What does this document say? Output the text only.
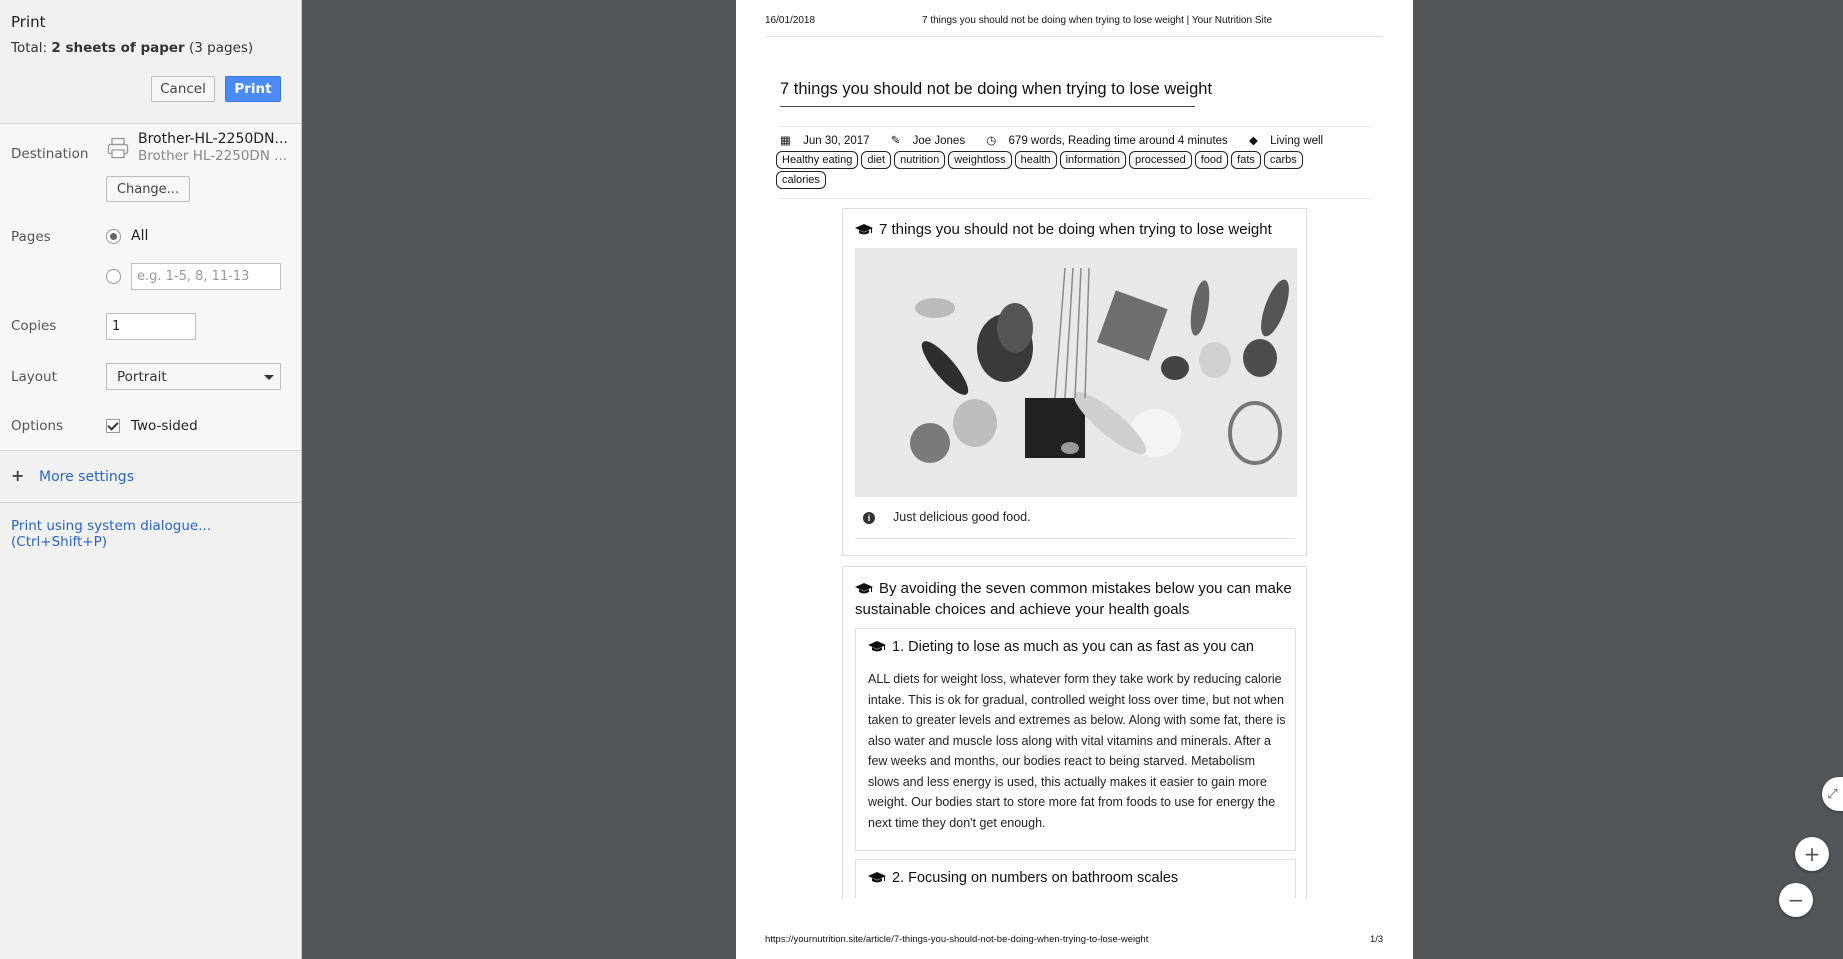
Print
Total: 2 sheets of paper (3 pages)
Cancel	Print
Destination
Brother-HL-2250DN...
Brother HL-2250DN ...
Change...
Pages	All
e.g. 1-5, 8, 11-13
Copies
1
Layout	Portrait
Options	Two-sided
+ More settings
Print using system dialogue...
(Ctrl+Shift+P)
16/01/2018	7 things you should not be doing when trying to lose weight | Your Nutrition Site
7 things you should not be doing when trying to lose weight
▦ Jun 30, 2017 ✎ Joe Jones ◷ 679 words, Reading time around 4 minutes ◆ Living well
Healthy eating	diet	nutrition	weightloss	health	information	processed	food	fats	carbs
calories
7 things you should not be doing when trying to lose weight
i Just delicious good food.
By avoiding the seven common mistakes below you can make sustainable choices and achieve your health goals
1. Dieting to lose as much as you can as fast as you can
ALL diets for weight loss, whatever form they take work by reducing calorie intake. This is ok for gradual, controlled weight loss over time, but not when taken to greater levels and extremes as below. Along with some fat, there is also water and muscle loss along with vital vitamins and minerals. After a few weeks and months, our bodies react to being starved. Metabolism slows and less energy is used, this actually makes it easier to gain more weight. Our bodies start to store more fat from foods to use for energy the next time they don't get enough.
2. Focusing on numbers on bathroom scales
https://yournutrition.site/article/7-things-you-should-not-be-doing-when-trying-to-lose-weight	1/3
⤢
+
−
